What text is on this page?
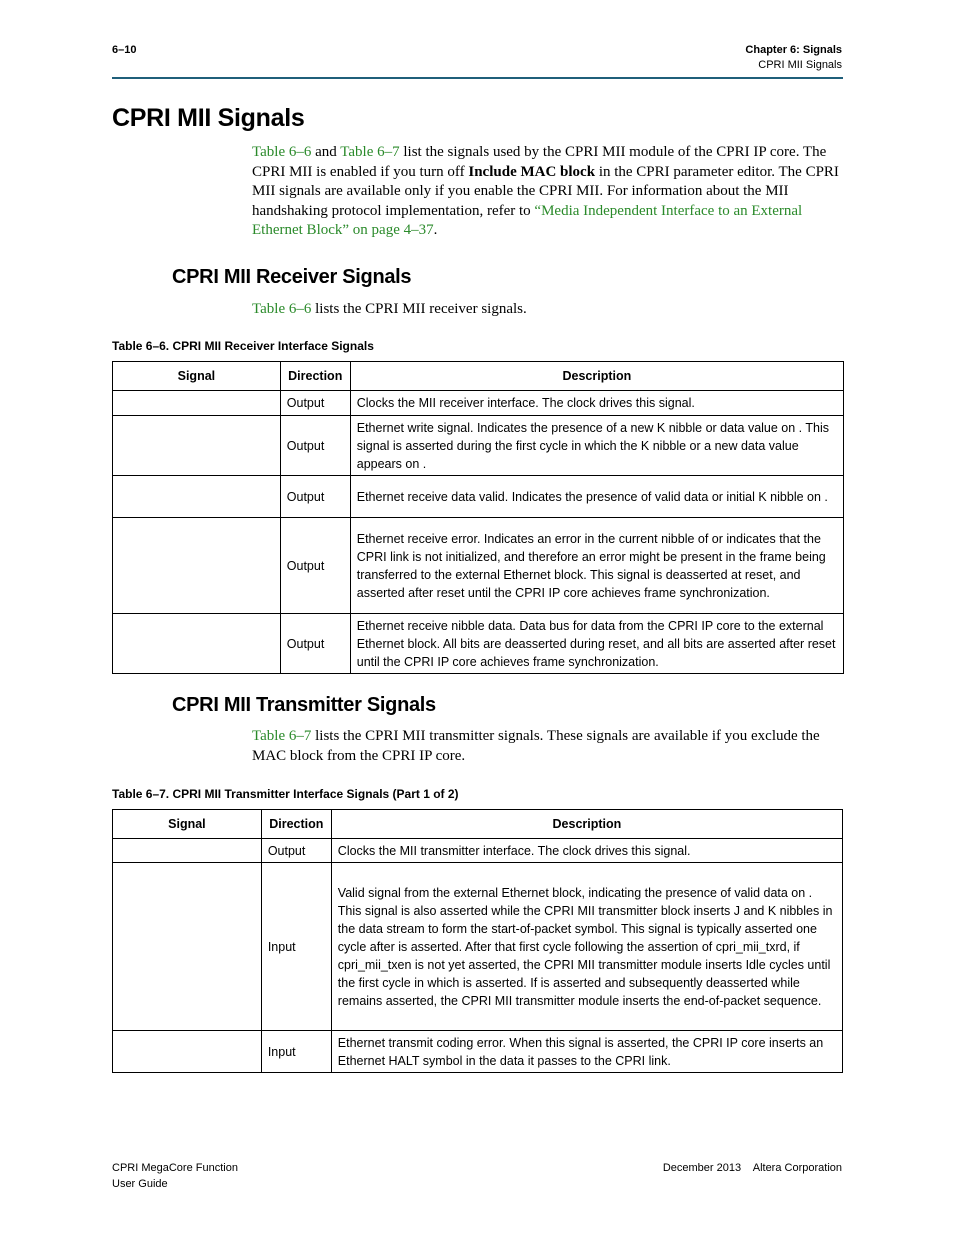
6–10	Chapter 6: Signals
CPRI MII Signals
CPRI MII Signals
Table 6–6 and Table 6–7 list the signals used by the CPRI MII module of the CPRI IP core. The CPRI MII is enabled if you turn off Include MAC block in the CPRI parameter editor. The CPRI MII signals are available only if you enable the CPRI MII. For information about the MII handshaking protocol implementation, refer to “Media Independent Interface to an External Ethernet Block” on page 4–37.
CPRI MII Receiver Signals
Table 6–6 lists the CPRI MII receiver signals.
Table 6–6. CPRI MII Receiver Interface Signals
Signal	Direction	Description
	Output	Clocks the MII receiver interface. The clock drives this signal.
	Output	Ethernet write signal. Indicates the presence of a new K nibble or data value on . This signal is asserted during the first cycle in which the K nibble or a new data value appears on .
	Output	Ethernet receive data valid. Indicates the presence of valid data or initial K nibble on .
	Output	Ethernet receive error. Indicates an error in the current nibble of or indicates that the CPRI link is not initialized, and therefore an error might be present in the frame being transferred to the external Ethernet block. This signal is deasserted at reset, and asserted after reset until the CPRI IP core achieves frame synchronization.
	Output	Ethernet receive nibble data. Data bus for data from the CPRI IP core to the external Ethernet block. All bits are deasserted during reset, and all bits are asserted after reset until the CPRI IP core achieves frame synchronization.
CPRI MII Transmitter Signals
Table 6–7 lists the CPRI MII transmitter signals. These signals are available if you exclude the MAC block from the CPRI IP core.
Table 6–7. CPRI MII Transmitter Interface Signals (Part 1 of 2)
Signal	Direction	Description
	Output	Clocks the MII transmitter interface. The clock drives this signal.
	Input	Valid signal from the external Ethernet block, indicating the presence of valid data on . This signal is also asserted while the CPRI MII transmitter block inserts J and K nibbles in the data stream to form the start-of-packet symbol. This signal is typically asserted one cycle after is asserted. After that first cycle following the assertion of cpri_mii_txrd, if cpri_mii_txen is not yet asserted, the CPRI MII transmitter module inserts Idle cycles until the first cycle in which is asserted. If is asserted and subsequently deasserted while remains asserted, the CPRI MII transmitter module inserts the end-of-packet sequence.
	Input	Ethernet transmit coding error. When this signal is asserted, the CPRI IP core inserts an Ethernet HALT symbol in the data it passes to the CPRI link.
CPRI MegaCore Function
User Guide
December 2013    Altera Corporation
